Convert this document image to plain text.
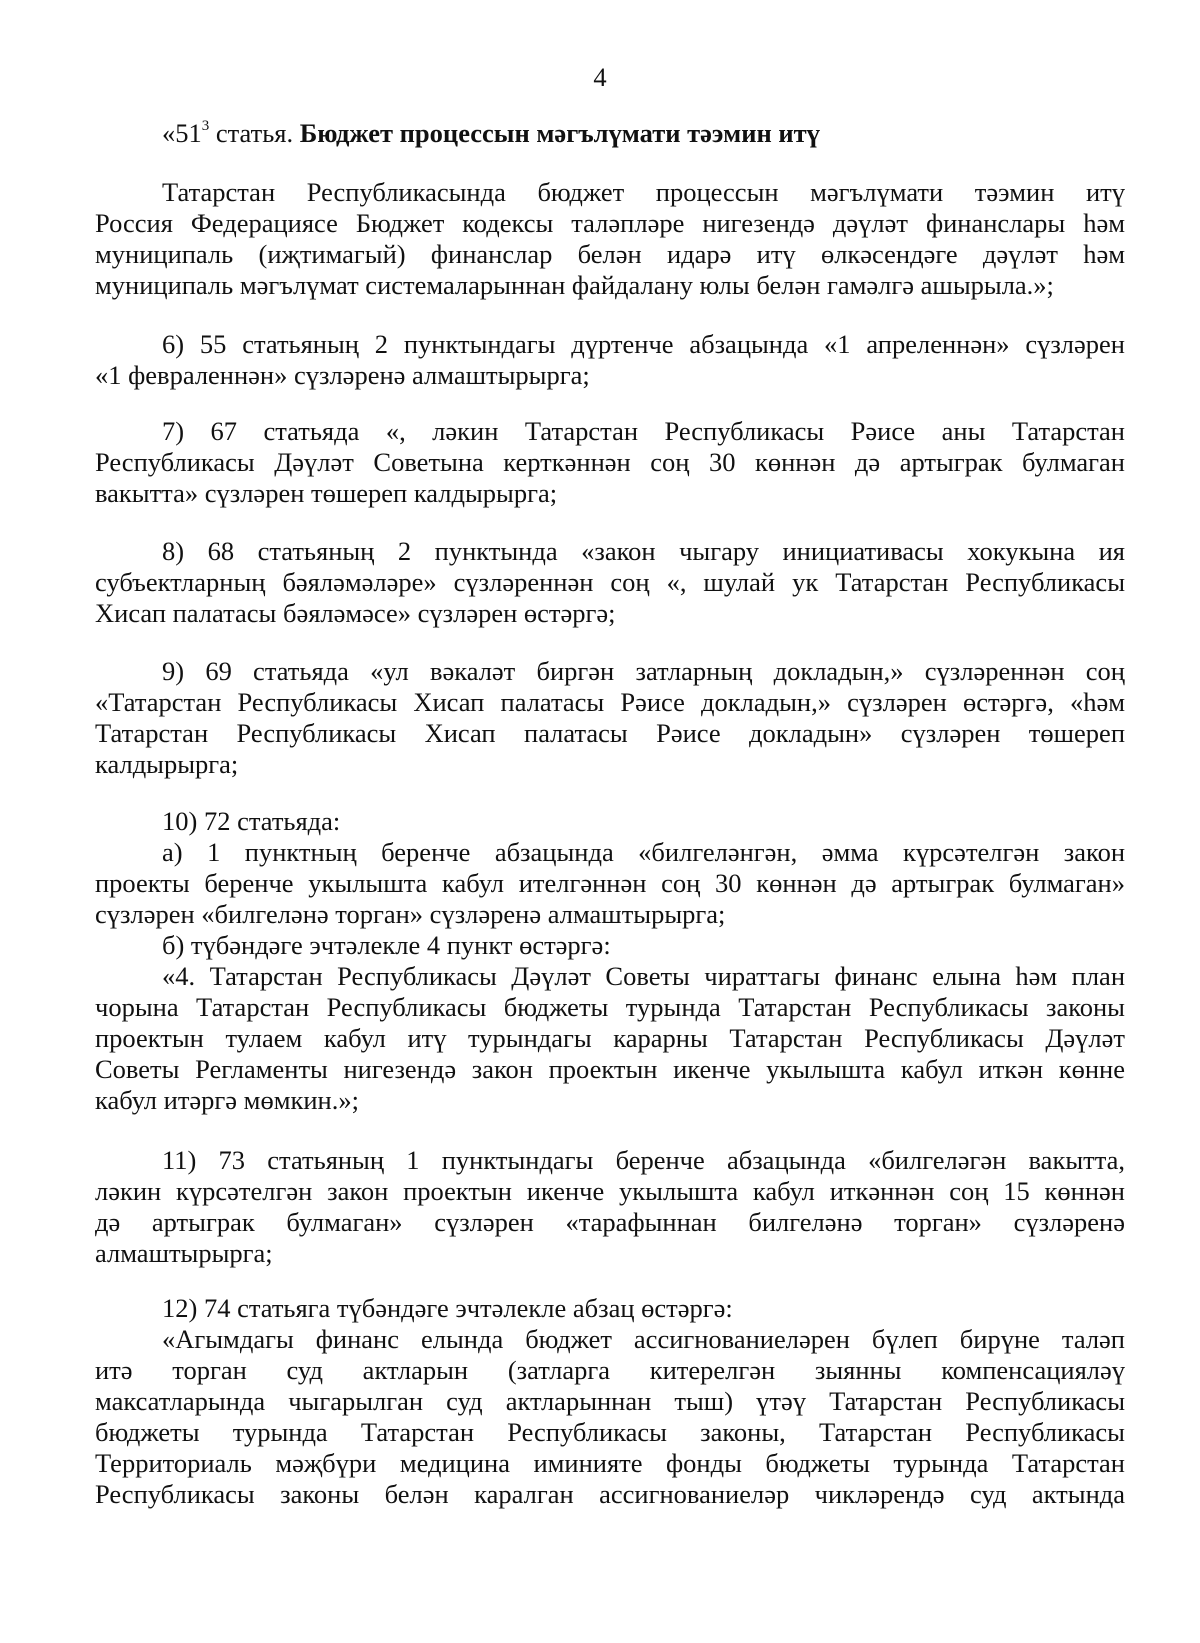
4
«$51^3$ статья. Бюджет процессын мәгълүмати тәэмин итү
Татарстан Республикасында бюджет процессын мәгълүмати тәэмин итү
Россия Федерациясе Бюджет кодексы таләпләре нигезендә дәүләт финанслары һәм
муниципаль (иҗтимагый) финанслар белән идарә итү өлкәсендәге дәүләт һәм
муниципаль мәгълүмат системаларыннан файдалану юлы белән гамәлгә ашырыла.»;
6) 55 статьяның 2 пунктындагы дүртенче абзацында «1 апреленнән» сүзләрен
«1 февраленнән» сүзләренә алмаштырырга;
7) 67 статьяда «, ләкин Татарстан Республикасы Рәисе аны Татарстан
Республикасы Дәүләт Советына керткәннән соң 30 көннән дә артыграк булмаган
вакытта» сүзләрен төшереп калдырырга;
8) 68 статьяның 2 пунктында «закон чыгару инициативасы хокукына ия
субъектларның бәяләмәләре» сүзләреннән соң «, шулай ук Татарстан Республикасы
Хисап палатасы бәяләмәсе» сүзләрен өстәргә;
9) 69 статьяда «ул вәкаләт биргән затларның докладын,» сүзләреннән соң
«Татарстан Республикасы Хисап палатасы Рәисе докладын,» сүзләрен өстәргә, «һәм
Татарстан Республикасы Хисап палатасы Рәисе докладын» сүзләрен төшереп
калдырырга;
10) 72 статьяда:
а) 1 пунктның беренче абзацында «билгеләнгән, әмма күрсәтелгән закон
проекты беренче укылышта кабул ителгәннән соң 30 көннән дә артыграк булмаган»
сүзләрен «билгеләнә торган» сүзләренә алмаштырырга;
б) түбәндәге эчтәлекле 4 пункт өстәргә:
«4. Татарстан Республикасы Дәүләт Советы чираттагы финанс елына һәм план
чорына Татарстан Республикасы бюджеты турында Татарстан Республикасы законы
проектын тулаем кабул итү турындагы карарны Татарстан Республикасы Дәүләт
Советы Регламенты нигезендә закон проектын икенче укылышта кабул иткән көнне
кабул итәргә мөмкин.»;
11) 73 статьяның 1 пунктындагы беренче абзацында «билгеләгән вакытта,
ләкин күрсәтелгән закон проектын икенче укылышта кабул иткәннән соң 15 көннән
дә артыграк булмаган» сүзләрен «тарафыннан билгеләнә торган» сүзләренә
алмаштырырга;
12) 74 статьяга түбәндәге эчтәлекле абзац өстәргә:
«Агымдагы финанс елында бюджет ассигнованиеләрен бүлеп бирүне таләп
итә торган суд актларын (затларга китерелгән зыянны компенсацияләү
максатларында чыгарылган суд актларыннан тыш) үтәү Татарстан Республикасы
бюджеты турында Татарстан Республикасы законы, Татарстан Республикасы
Территориаль мәҗбүри медицина иминияте фонды бюджеты турында Татарстан
Республикасы законы белән каралган ассигнованиеләр чикләрендә суд актында
